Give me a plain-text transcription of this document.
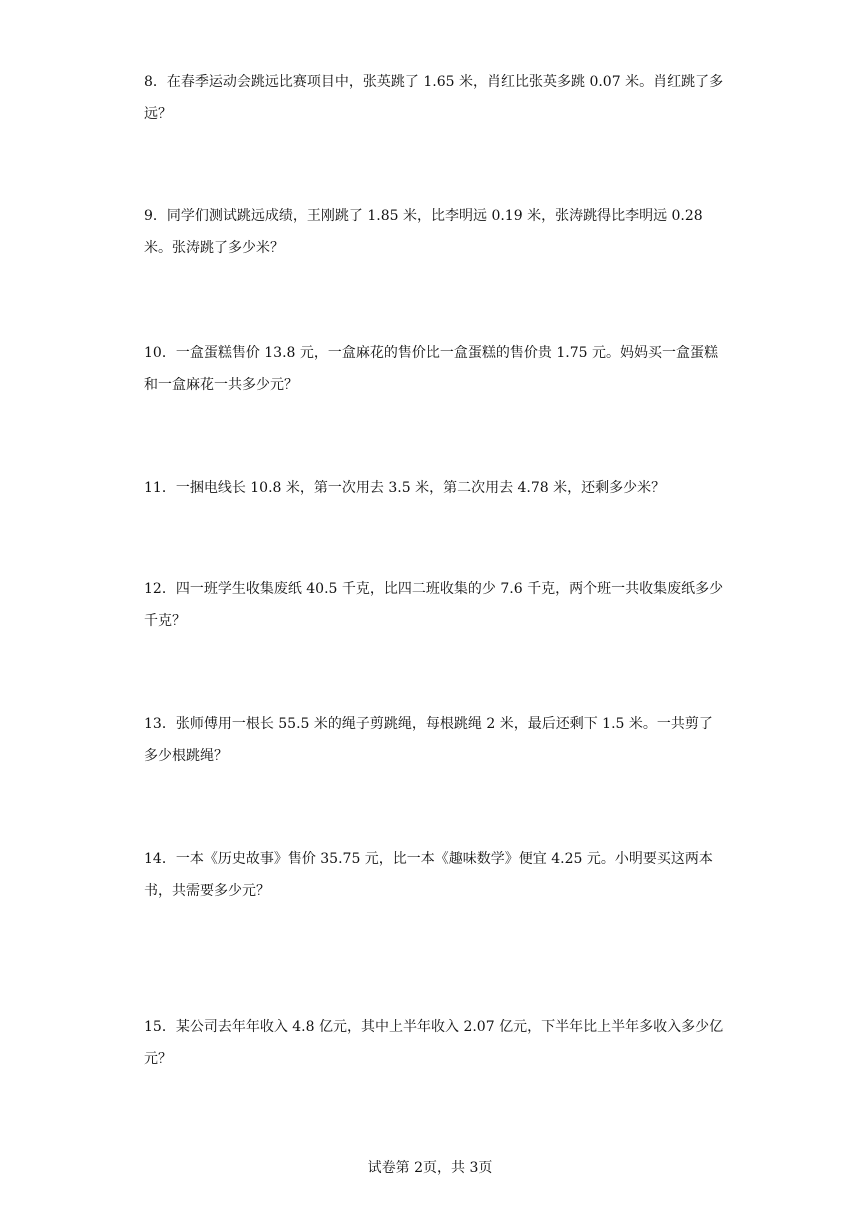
8．在春季运动会跳远比赛项目中，张英跳了 1.65 米，肖红比张英多跳 0.07 米。肖红跳了多远？

9．同学们测试跳远成绩，王刚跳了 1.85 米，比李明远 0.19 米，张涛跳得比李明远 0.28 米。张涛跳了多少米？

10．一盒蛋糕售价 13.8 元，一盒麻花的售价比一盒蛋糕的售价贵 1.75 元。妈妈买一盒蛋糕和一盒麻花一共多少元？

11．一捆电线长 10.8 米，第一次用去 3.5 米，第二次用去 4.78 米，还剩多少米？

12．四一班学生收集废纸 40.5 千克，比四二班收集的少 7.6 千克，两个班一共收集废纸多少千克？

13．张师傅用一根长 55.5 米的绳子剪跳绳，每根跳绳 2 米，最后还剩下 1.5 米。一共剪了多少根跳绳？

14．一本《历史故事》售价 35.75 元，比一本《趣味数学》便宜 4.25 元。小明要买这两本书，共需要多少元？

15．某公司去年年收入 4.8 亿元，其中上半年收入 2.07 亿元，下半年比上半年多收入多少亿元？

试卷第 2页，共 3页
